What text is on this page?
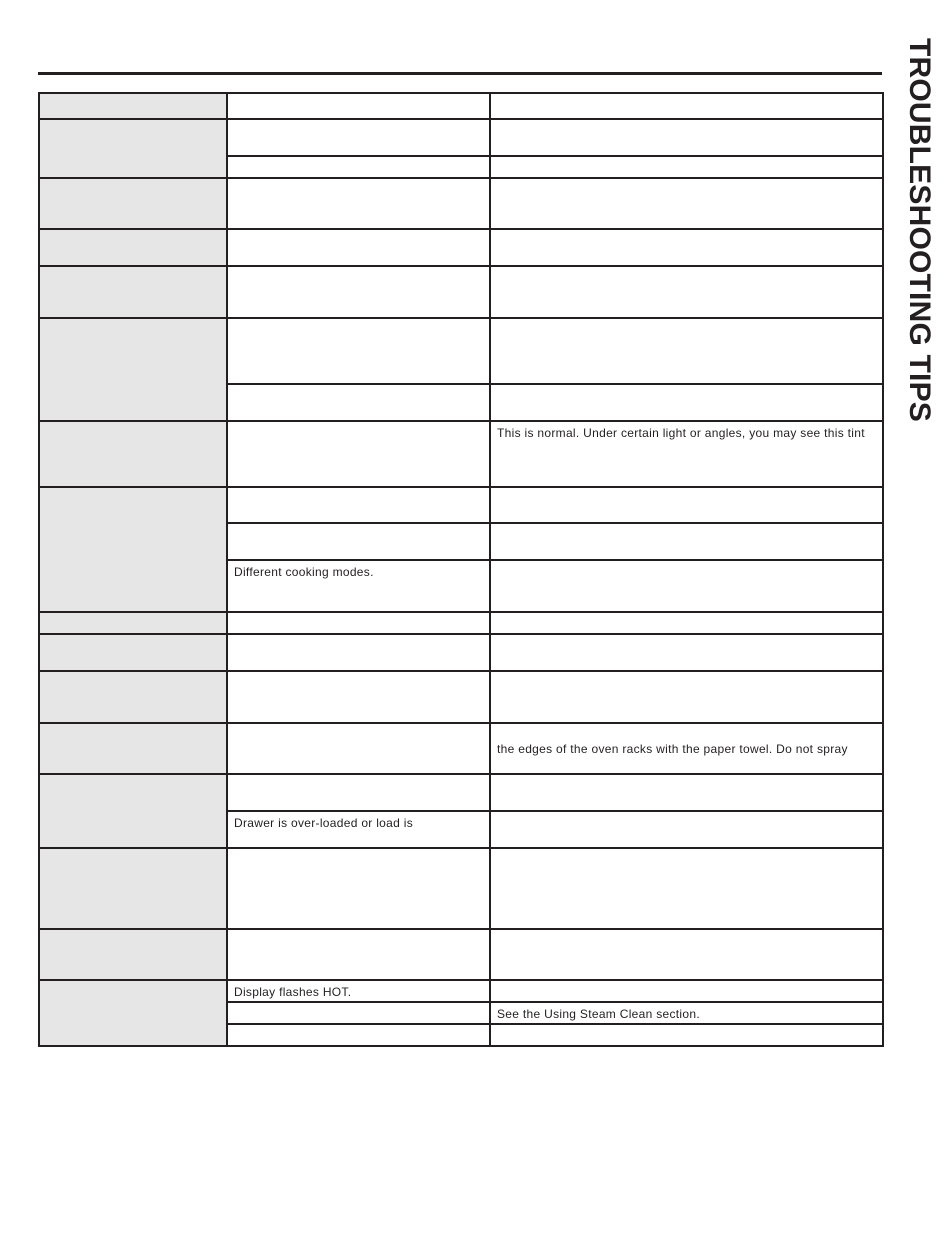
TROUBLESHOOTING TIPS

		This is normal. Under certain light or angles, you may see this tint

	Different cooking modes.	

		the edges of the oven racks with the paper towel. Do not spray

	Drawer is over-loaded or load is	

	Display flashes HOT.	

		See the Using Steam Clean section.
